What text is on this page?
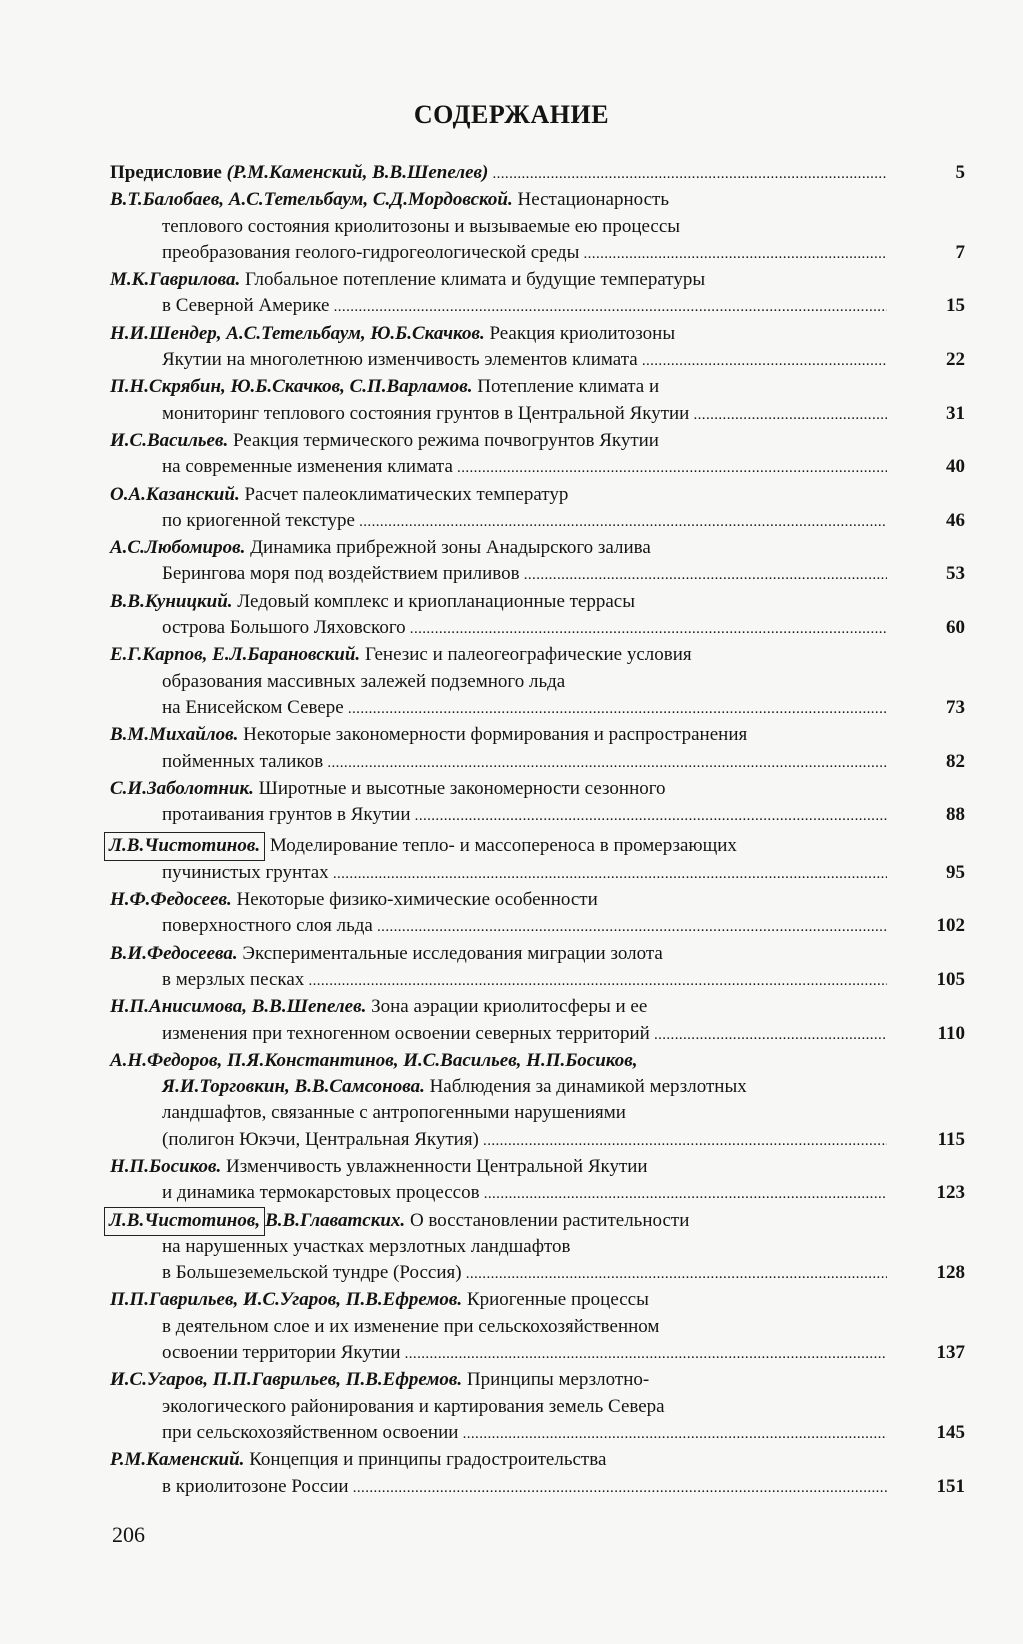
СОДЕРЖАНИЕ
Предисловие (Р.М.Каменский, В.В.Шепелев) .....	5
В.Т.Балобаев, А.С.Тетельбаум, С.Д.Мордовской. Нестационарность
теплового состояния криолитозоны и вызываемые ею процессы
преобразования геолого-гидрогеологической среды .....	7
М.К.Гаврилова. Глобальное потепление климата и будущие температуры
в Северной Америке .....	15
Н.И.Шендер, А.С.Тетельбаум, Ю.Б.Скачков. Реакция криолитозоны
Якутии на многолетнюю изменчивость элементов климата .....	22
П.Н.Скрябин, Ю.Б.Скачков, С.П.Варламов. Потепление климата и
мониторинг теплового состояния грунтов в Центральной Якутии .....	31
И.С.Васильев. Реакция термического режима почвогрунтов Якутии
на современные изменения климата .....	40
О.А.Казанский. Расчет палеоклиматических температур
по криогенной текстуре .....	46
А.С.Любомиров. Динамика прибрежной зоны Анадырского залива
Берингова моря под воздействием приливов .....	53
В.В.Куницкий. Ледовый комплекс и криопланационные террасы
острова Большого Ляховского .....	60
Е.Г.Карпов, Е.Л.Барановский. Генезис и палеогеографические условия
образования массивных залежей подземного льда
на Енисейском Севере .....	73
В.М.Михайлов. Некоторые закономерности формирования и распространения
пойменных таликов .....	82
С.И.Заболотник. Широтные и высотные закономерности сезонного
протаивания грунтов в Якутии .....	88
Л.В.Чистотинов. Моделирование тепло- и массопереноса в промерзающих
пучинистых грунтах .....	95
Н.Ф.Федосеев. Некоторые физико-химические особенности
поверхностного слоя льда .....	102
В.И.Федосеева. Экспериментальные исследования миграции золота
в мерзлых песках .....	105
Н.П.Анисимова, В.В.Шепелев. Зона аэрации криолитосферы и ее
изменения при техногенном освоении северных территорий .....	110
А.Н.Федоров, П.Я.Константинов, И.С.Васильев, Н.П.Босиков,
Я.И.Торговкин, В.В.Самсонова. Наблюдения за динамикой мерзлотных
ландшафтов, связанные с антропогенными нарушениями
(полигон Юкэчи, Центральная Якутия) .....	115
Н.П.Босиков. Изменчивость увлажненности Центральной Якутии
и динамика термокарстовых процессов .....	123
Л.В.Чистотинов, В.В.Главатских. О восстановлении растительности
на нарушенных участках мерзлотных ландшафтов
в Большеземельской тундре (Россия) .....	128
П.П.Гаврильев, И.С.Угаров, П.В.Ефремов. Криогенные процессы
в деятельном слое и их изменение при сельскохозяйственном
освоении территории Якутии .....	137
И.С.Угаров, П.П.Гаврильев, П.В.Ефремов. Принципы мерзлотно-
экологического районирования и картирования земель Севера
при сельскохозяйственном освоении .....	145
Р.М.Каменский. Концепция и принципы градостроительства
в криолитозоне России .....	151
206
